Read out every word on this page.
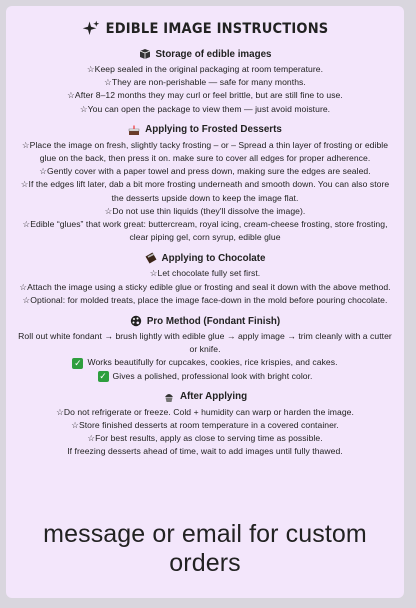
EDIBLE IMAGE INSTRUCTIONS
Storage of edible images
☆Keep sealed in the original packaging at room temperature.
☆They are non-perishable — safe for many months.
☆After 8–12 months they may curl or feel brittle, but are still fine to use.
☆You can open the package to view them — just avoid moisture.
Applying to Frosted Desserts
☆Place the image on fresh, slightly tacky frosting – or – Spread a thin layer of frosting or edible glue on the back, then press it on. make sure to cover all edges for proper adherence.
☆Gently cover with a paper towel and press down, making sure the edges are sealed.
☆If the edges lift later, dab a bit more frosting underneath and smooth down. You can also store the desserts upside down to keep the image flat.
☆Do not use thin liquids (they'll dissolve the image).
☆Edible “glues” that work great: buttercream, royal icing, cream-cheese frosting, store frosting, clear piping gel, corn syrup, edible glue
Applying to Chocolate
☆Let chocolate fully set first.
☆Attach the image using a sticky edible glue or frosting and seal it down with the above method.
☆Optional: for molded treats, place the image face-down in the mold before pouring chocolate.
Pro Method (Fondant Finish)
Roll out white fondant → brush lightly with edible glue → apply image → trim cleanly with a cutter or knife.
✓ Works beautifully for cupcakes, cookies, rice krispies, and cakes.
✓ Gives a polished, professional look with bright color.
After Applying
☆Do not refrigerate or freeze. Cold + humidity can warp or harden the image.
☆Store finished desserts at room temperature in a covered container.
☆For best results, apply as close to serving time as possible.
If freezing desserts ahead of time, wait to add images until fully thawed.
message or email for custom orders
